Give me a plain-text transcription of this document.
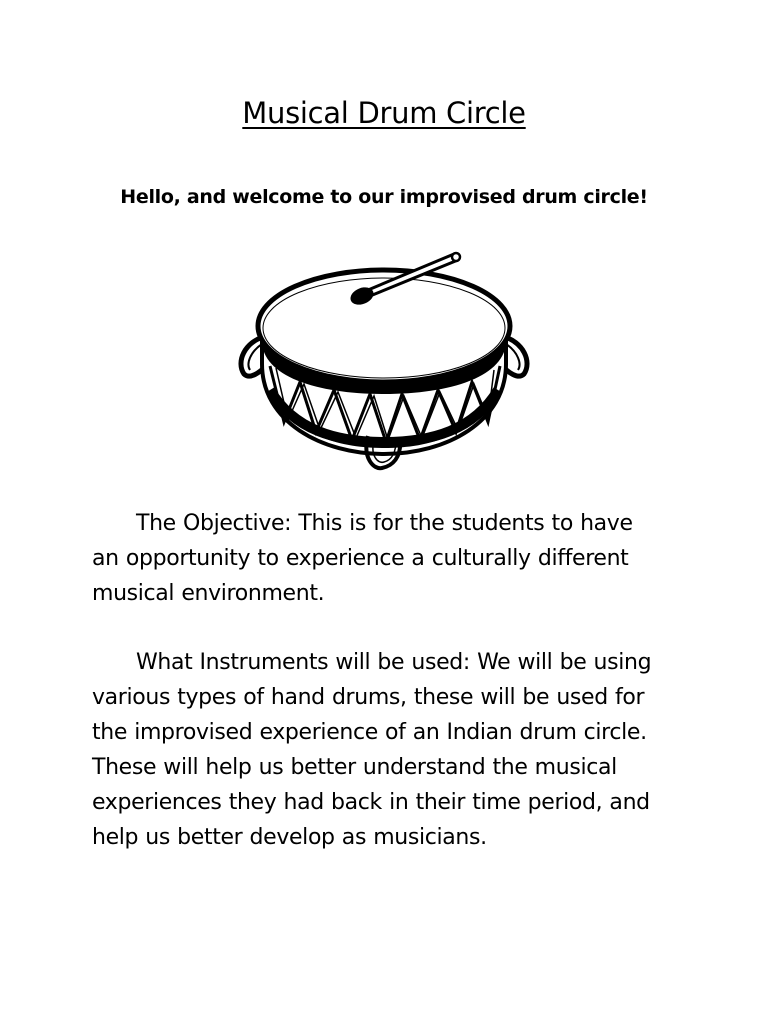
Musical Drum Circle
Hello, and welcome to our improvised drum circle!
The Objective: This is for the students to have
an opportunity to experience a culturally different
musical environment.
What Instruments will be used: We will be using
various types of hand drums, these will be used for
the improvised experience of an Indian drum circle.
These will help us better understand the musical
experiences they had back in their time period, and
help us better develop as musicians.
